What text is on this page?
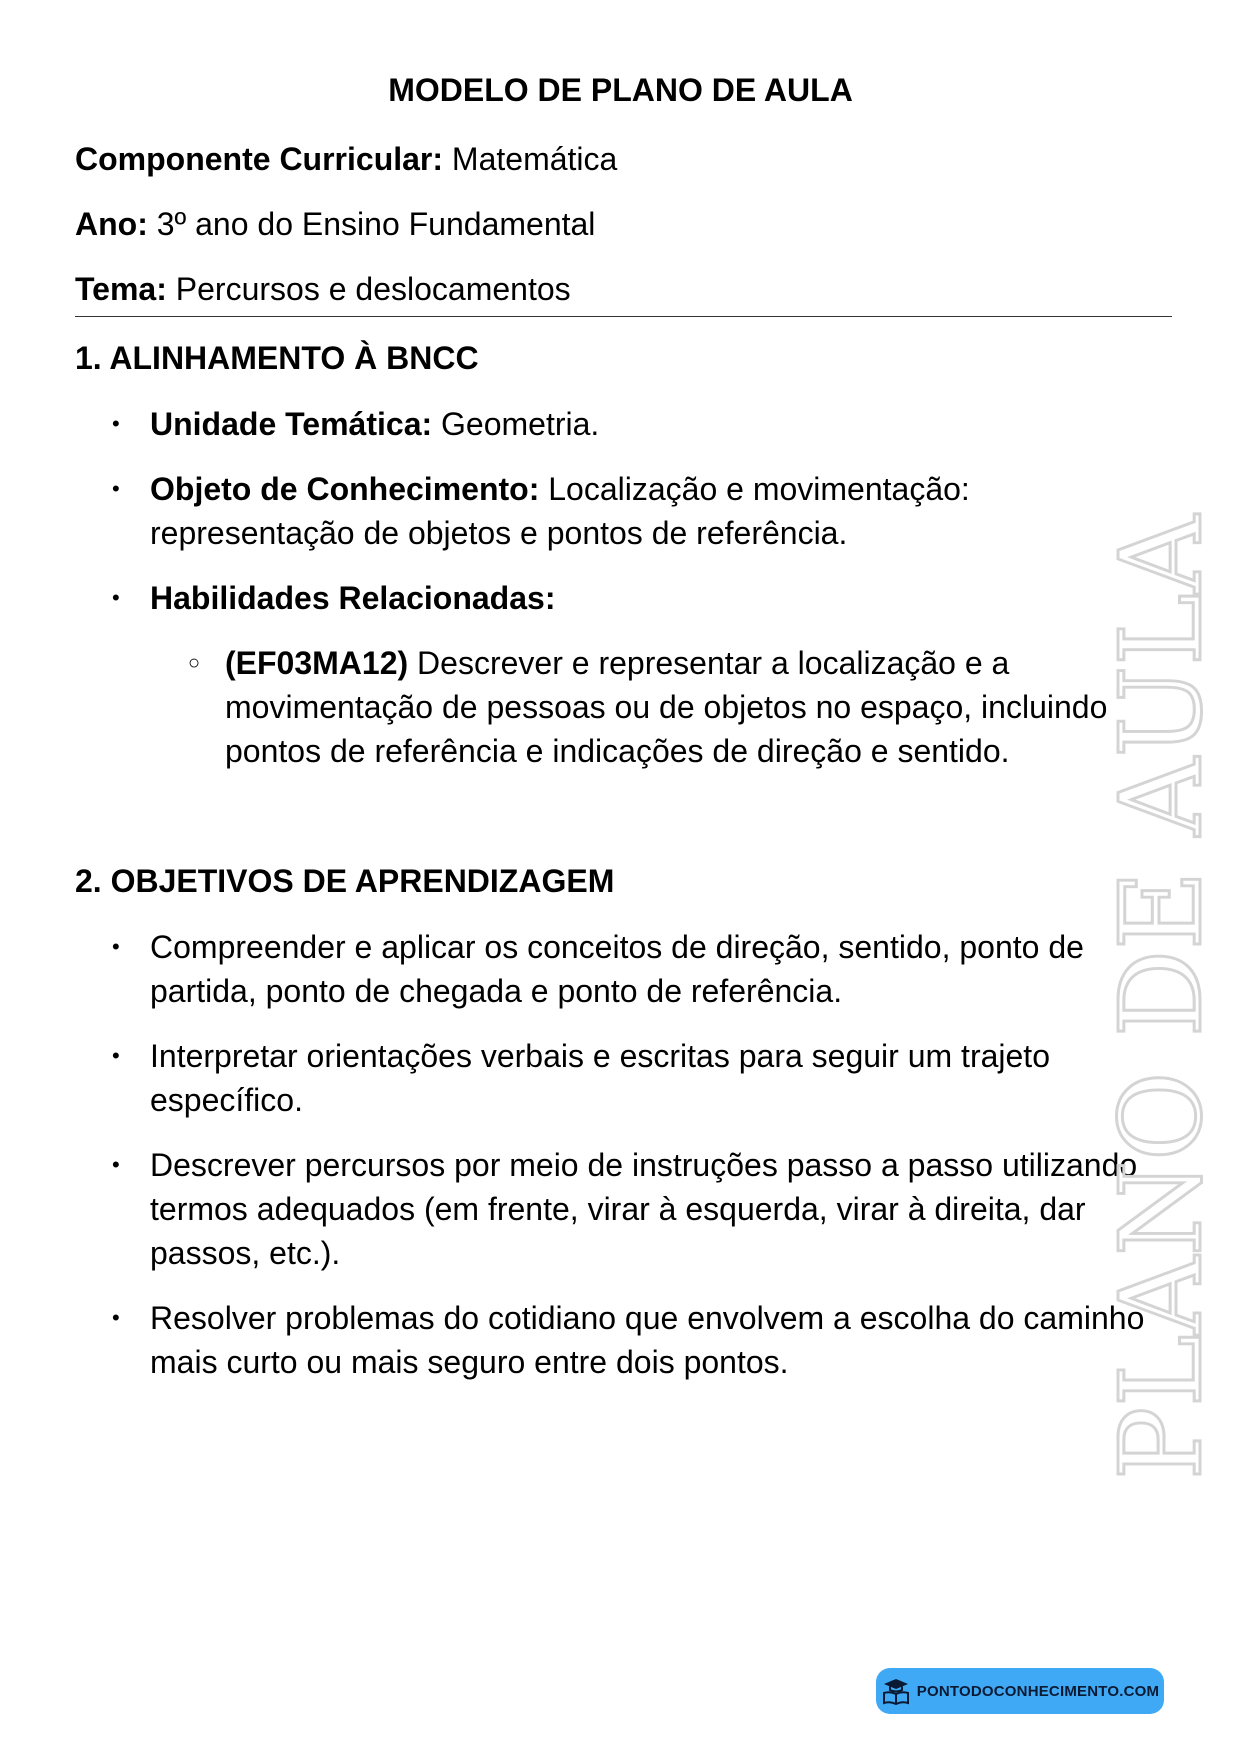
MODELO DE PLANO DE AULA

Componente Curricular: Matemática

Ano: 3º ano do Ensino Fundamental

Tema: Percursos e deslocamentos

1. ALINHAMENTO À BNCC

• Unidade Temática: Geometria.

• Objeto de Conhecimento: Localização e movimentação: representação de objetos e pontos de referência.

• Habilidades Relacionadas:

○ (EF03MA12) Descrever e representar a localização e a movimentação de pessoas ou de objetos no espaço, incluindo pontos de referência e indicações de direção e sentido.

2. OBJETIVOS DE APRENDIZAGEM

• Compreender e aplicar os conceitos de direção, sentido, ponto de partida, ponto de chegada e ponto de referência.

• Interpretar orientações verbais e escritas para seguir um trajeto específico.

• Descrever percursos por meio de instruções passo a passo utilizando termos adequados (em frente, virar à esquerda, virar à direita, dar passos, etc.).

• Resolver problemas do cotidiano que envolvem a escolha do caminho mais curto ou mais seguro entre dois pontos.	PLANO DE AULA
PONTODOCONHECIMENTO.COM
